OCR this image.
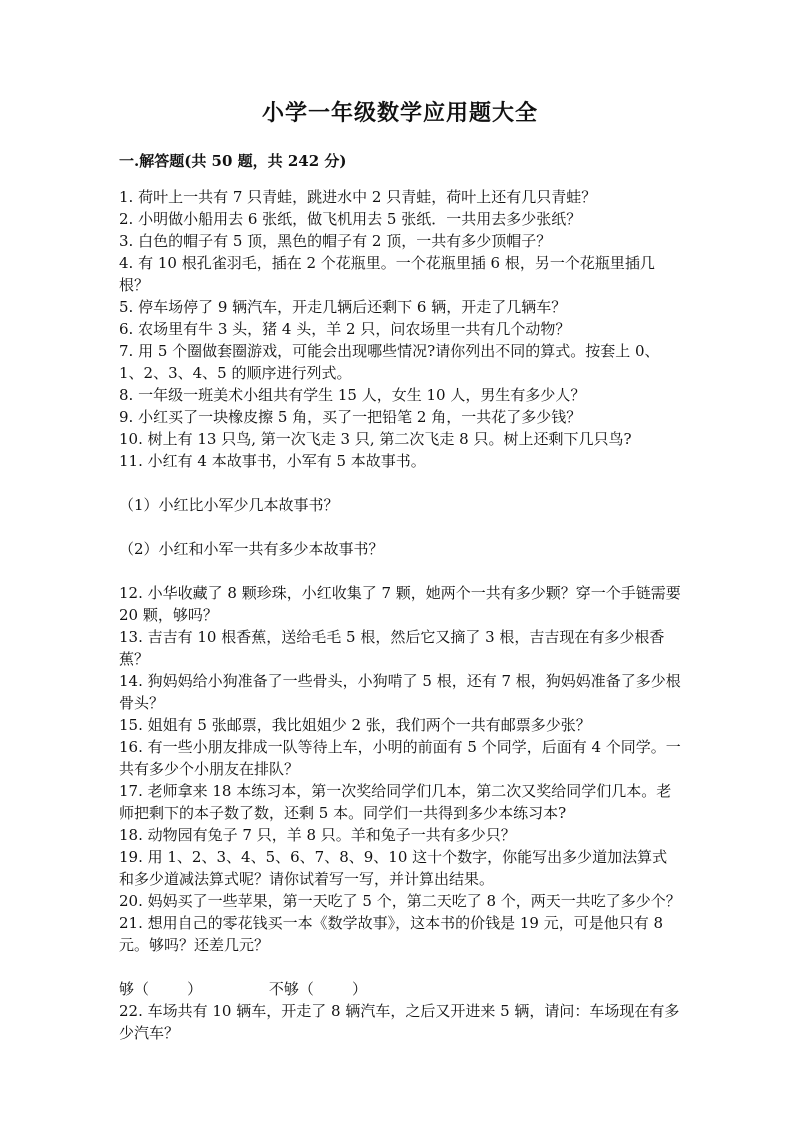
小学一年级数学应用题大全
一.解答题(共 50 题，共 242 分)

1. 荷叶上一共有 7 只青蛙，跳进水中 2 只青蛙，荷叶上还有几只青蛙？

2. 小明做小船用去 6 张纸，做飞机用去 5 张纸．一共用去多少张纸？

3. 白色的帽子有 5 顶，黑色的帽子有 2 顶，一共有多少顶帽子？

4. 有 10 根孔雀羽毛，插在 2 个花瓶里。一个花瓶里插 6 根，另一个花瓶里插几根？

5. 停车场停了 9 辆汽车，开走几辆后还剩下 6 辆，开走了几辆车？

6. 农场里有牛 3 头，猪 4 头，羊 2 只，问农场里一共有几个动物？

7. 用 5 个圈做套圈游戏，可能会出现哪些情况?请你列出不同的算式。按套上 0、1、2、3、4、5 的顺序进行列式。

8. 一年级一班美术小组共有学生 15 人，女生 10 人，男生有多少人？

9. 小红买了一块橡皮擦 5 角，买了一把铅笔 2 角，一共花了多少钱？

10. 树上有 13 只鸟, 第一次飞走 3 只, 第二次飞走 8 只。树上还剩下几只鸟?

11. 小红有 4 本故事书，小军有 5 本故事书。

（1）小红比小军少几本故事书？

（2）小红和小军一共有多少本故事书？

12. 小华收藏了 8 颗珍珠，小红收集了 7 颗，她两个一共有多少颗？穿一个手链需要 20 颗，够吗？

13. 吉吉有 10 根香蕉，送给毛毛 5 根，然后它又摘了 3 根，吉吉现在有多少根香蕉？

14. 狗妈妈给小狗准备了一些骨头，小狗啃了 5 根，还有 7 根，狗妈妈准备了多少根骨头？

15. 姐姐有 5 张邮票，我比姐姐少 2 张，我们两个一共有邮票多少张？

16. 有一些小朋友排成一队等待上车，小明的前面有 5 个同学，后面有 4 个同学。一共有多少个小朋友在排队？

17. 老师拿来 18 本练习本，第一次奖给同学们几本，第二次又奖给同学们几本。老师把剩下的本子数了数，还剩 5 本。同学们一共得到多少本练习本?

18. 动物园有兔子 7 只，羊 8 只。羊和兔子一共有多少只？

19. 用 1、2、3、4、5、6、7、8、9、10 这十个数字，你能写出多少道加法算式和多少道减法算式呢？请你试着写一写，并计算出结果。

20. 妈妈买了一些苹果，第一天吃了 5 个，第二天吃了 8 个，两天一共吃了多少个？

21. 想用自己的零花钱买一本《数学故事》，这本书的价钱是 19 元，可是他只有 8 元。够吗？还差几元？

够（        ）              不够（        ）

22. 车场共有 10 辆车，开走了 8 辆汽车，之后又开进来 5 辆，请问：车场现在有多少汽车？
